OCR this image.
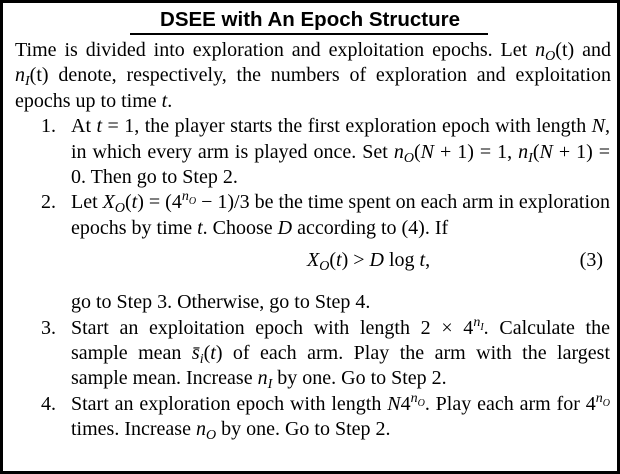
DSEE with An Epoch Structure
Time is divided into exploration and exploitation epochs. Let $n_O(t)$ and $n_I(t)$ denote, respectively, the numbers of exploration and exploitation epochs up to time t.
1. At t = 1, the player starts the first exploration epoch with length N, in which every arm is played once. Set $n_O(N + 1) = 1$, $n_I(N + 1) = 0$. Then go to Step 2.
2. Let $X_O(t) = (4^{n_O} - 1)/3$ be the time spent on each arm in exploration epochs by time t. Choose D according to (4). If
$X_O(t) > D$ log t,	(3)
go to Step 3. Otherwise, go to Step 4.
3. Start an exploitation epoch with length $2 \times 4^{n_I}$. Calculate the sample mean $s̄_i(t)$ of each arm. Play the arm with the largest sample mean. Increase $n_I$ by one. Go to Step 2.
4. Start an exploration epoch with length $N4^{n_O}$. Play each arm for $4^{n_O}$ times. Increase $n_O$ by one. Go to Step 2.
